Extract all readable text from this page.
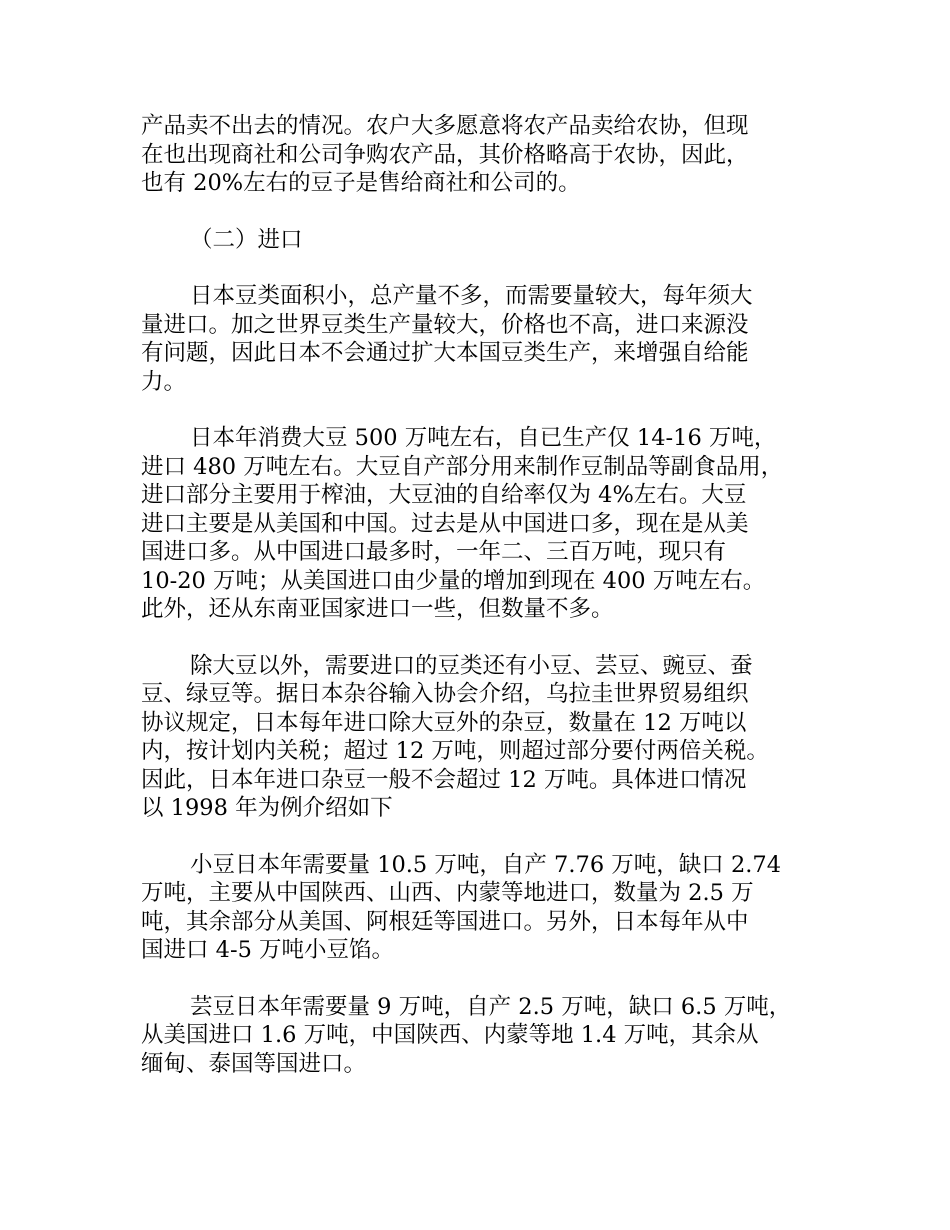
产品卖不出去的情况。农户大多愿意将农产品卖给农协，但现
在也出现商社和公司争购农产品，其价格略高于农协，因此，
也有 20%左右的豆子是售给商社和公司的。

（二）进口

日本豆类面积小，总产量不多，而需要量较大，每年须大
量进口。加之世界豆类生产量较大，价格也不高，进口来源没
有问题，因此日本不会通过扩大本国豆类生产，来增强自给能
力。

日本年消费大豆 500 万吨左右，自已生产仅 14-16 万吨，
进口 480 万吨左右。大豆自产部分用来制作豆制品等副食品用，
进口部分主要用于榨油，大豆油的自给率仅为 4%左右。大豆
进口主要是从美国和中国。过去是从中国进口多，现在是从美
国进口多。从中国进口最多时，一年二、三百万吨，现只有
10-20 万吨；从美国进口由少量的增加到现在 400 万吨左右。
此外，还从东南亚国家进口一些，但数量不多。

除大豆以外，需要进口的豆类还有小豆、芸豆、豌豆、蚕
豆、绿豆等。据日本杂谷输入协会介绍，乌拉圭世界贸易组织
协议规定，日本每年进口除大豆外的杂豆，数量在 12 万吨以
内，按计划内关税；超过 12 万吨，则超过部分要付两倍关税。
因此，日本年进口杂豆一般不会超过 12 万吨。具体进口情况
以 1998 年为例介绍如下

小豆日本年需要量 10.5 万吨，自产 7.76 万吨，缺口 2.74
万吨，主要从中国陕西、山西、内蒙等地进口，数量为 2.5 万
吨，其余部分从美国、阿根廷等国进口。另外，日本每年从中
国进口 4-5 万吨小豆馅。

芸豆日本年需要量 9 万吨，自产 2.5 万吨，缺口 6.5 万吨，
从美国进口 1.6 万吨，中国陕西、内蒙等地 1.4 万吨，其余从
缅甸、泰国等国进口。
